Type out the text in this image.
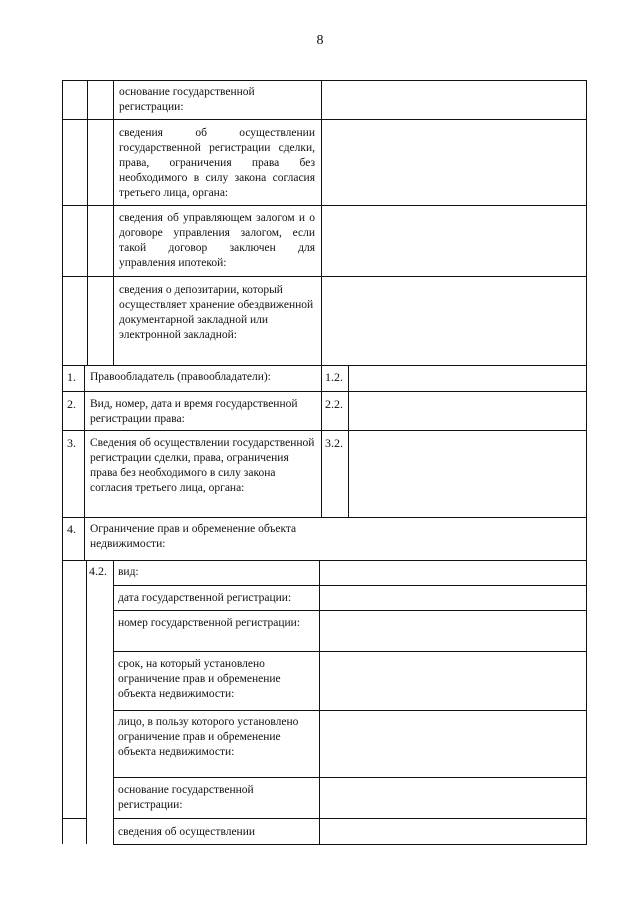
8

основание государственной регистрации:

сведения об осуществлении государственной регистрации сделки, права, ограничения права без необходимого в силу закона согласия третьего лица, органа:

сведения об управляющем залогом и о договоре управления залогом, если такой договор заключен для управления ипотекой:

сведения о депозитарии, который осуществляет хранение обездвиженной документарной закладной или электронной закладной:

1. Правообладатель (правообладатели):	1.2.
2. Вид, номер, дата и время государственной регистрации права:

2.2.
3. Сведения об осуществлении государственной регистрации сделки, права, ограничения права без необходимого в силу закона согласия третьего лица, органа:

3.2.
4. Ограничение прав и обременение объекта недвижимости:

4.2. вид:

дата государственной регистрации:

номер государственной регистрации:

срок, на который установлено ограничение прав и обременение объекта недвижимости:

лицо, в пользу которого установлено ограничение прав и обременение объекта недвижимости:

основание государственной регистрации:

сведения об осуществлении
